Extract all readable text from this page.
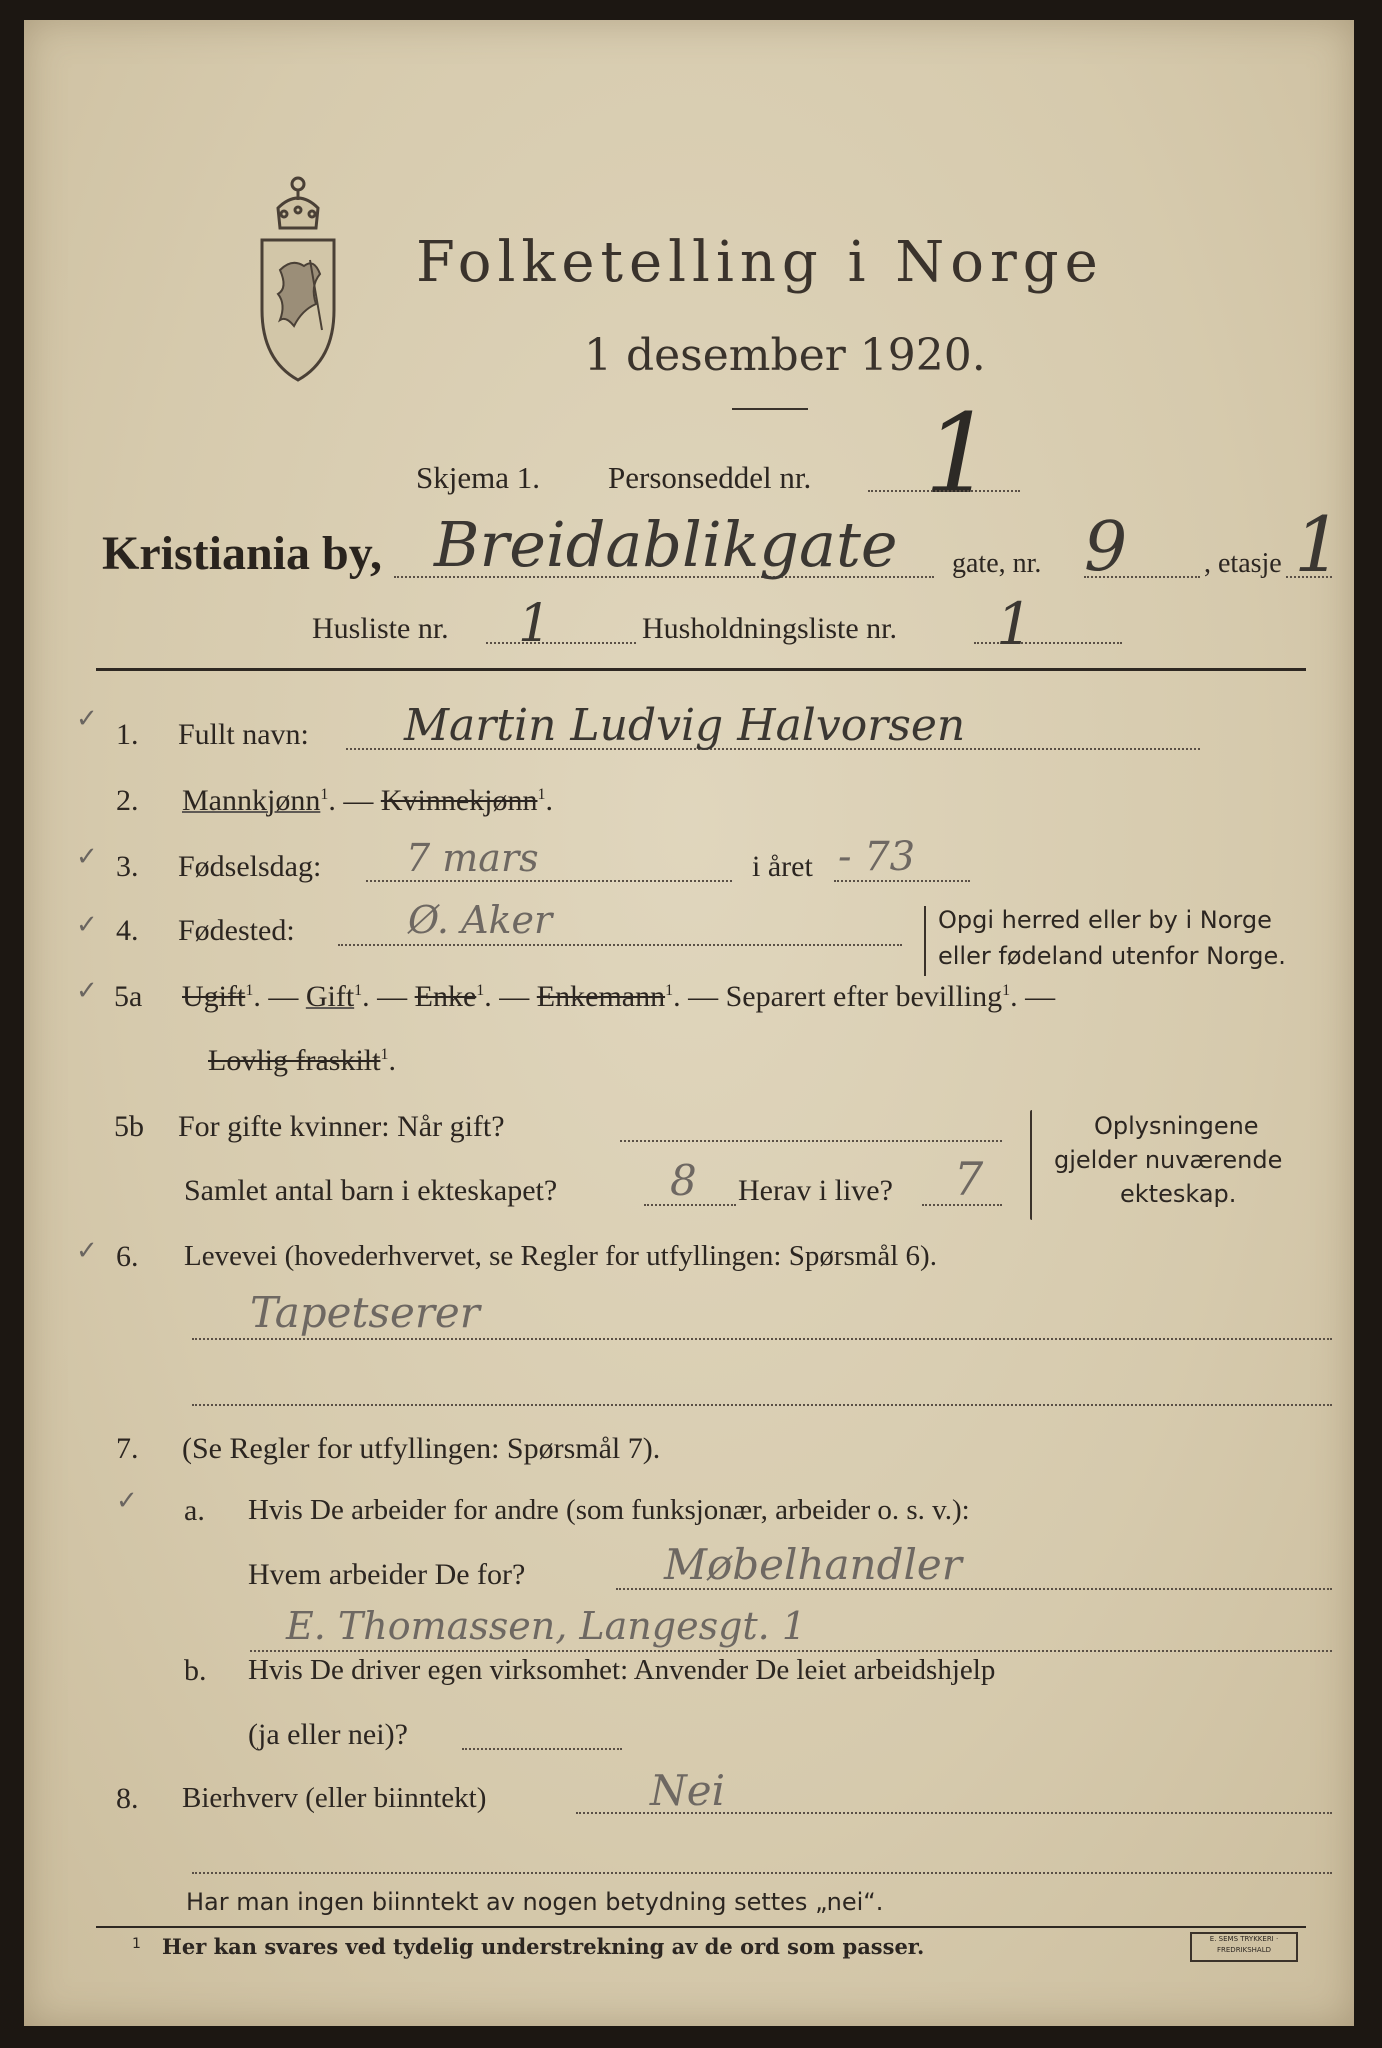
Folketelling i Norge
1 desember 1920.
1
Skjema 1. Personseddel nr.
Kristiania by, Breidablikgate gate, nr. 9	, etasje 1
Husliste nr. 1	Husholdningsliste nr. 1
✓ 1. Fullt navn: Martin Ludvig Halvorsen
2. Mannkjønn$^1$. — Kvinnekjønn$^1$.
✓ 3. Fødselsdag: 7 mars	i året - 73
✓ 4. Fødested:	Ø. Aker	Opgi herred eller by i Norge
eller fødeland utenfor Norge.
✓ 5a Ugift$^1$. — Gift$^1$. — Enke$^1$. — Enkemann$^1$. — Separert efter bevilling$^1$. —
Lovlig fraskilt$^1$.
5b For gifte kvinner: Når gift?
Samlet antal barn i ekteskapet?	8 Herav i live? 7
Oplysningene
gjelder nuværende
ekteskap.
✓ 6. Levevei (hovederhvervet, se Regler for utfyllingen: Spørsmål 6).
Tapetserer
7. (Se Regler for utfyllingen: Spørsmål 7).
✓ a. Hvis De arbeider for andre (som funksjonær, arbeider o. s. v.):
Hvem arbeider De for?	Møbelhandler
E. Thomassen, Langesgt. 1
b. Hvis De driver egen virksomhet: Anvender De leiet arbeidshjelp
(ja eller nei)?
8. Bierhverv (eller biinntekt)	Nei
Har man ingen biinntekt av nogen betydning settes „nei“.
1 Her kan svares ved tydelig understrekning av de ord som passer.	E. SEMS TRYKKERI · FREDRIKSHALD
